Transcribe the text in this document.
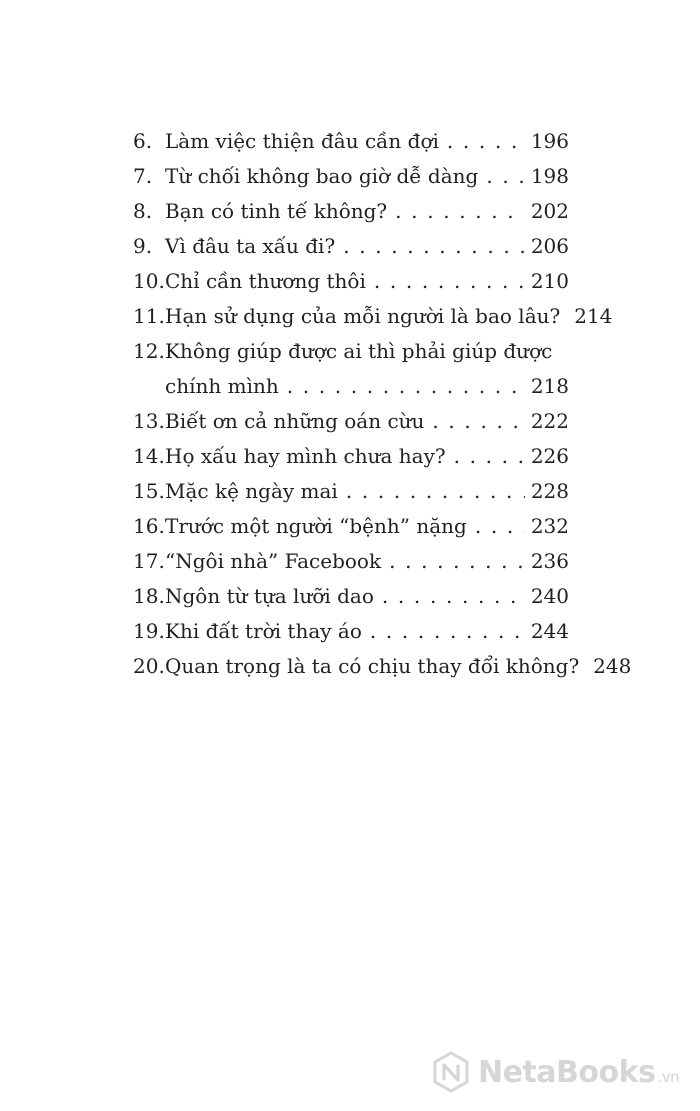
6. Làm việc thiện đâu cần đợi . . .	196
7. Từ chối không bao giờ dễ dàng . . .	198
8. Bạn có tinh tế không? . . .	202
9. Vì đâu ta xấu đi? . . .	206
10. Chỉ cần thương thôi . . .	210
11. Hạn sử dụng của mỗi người là bao lâu? . . . 214
12. Không giúp được ai thì phải giúp được
chính mình . . .	218
13. Biết ơn cả những oán cừu . . .	222
14. Họ xấu hay mình chưa hay? . . .	226
15. Mặc kệ ngày mai . . .	228
16. Trước một người “bệnh” nặng . . .	232
17. “Ngôi nhà” Facebook . . .	236
18. Ngôn từ tựa lưỡi dao . . .	240
19. Khi đất trời thay áo . . .	244
20. Quan trọng là ta có chịu thay đổi không? . . . 248
NetaBooks .vn
